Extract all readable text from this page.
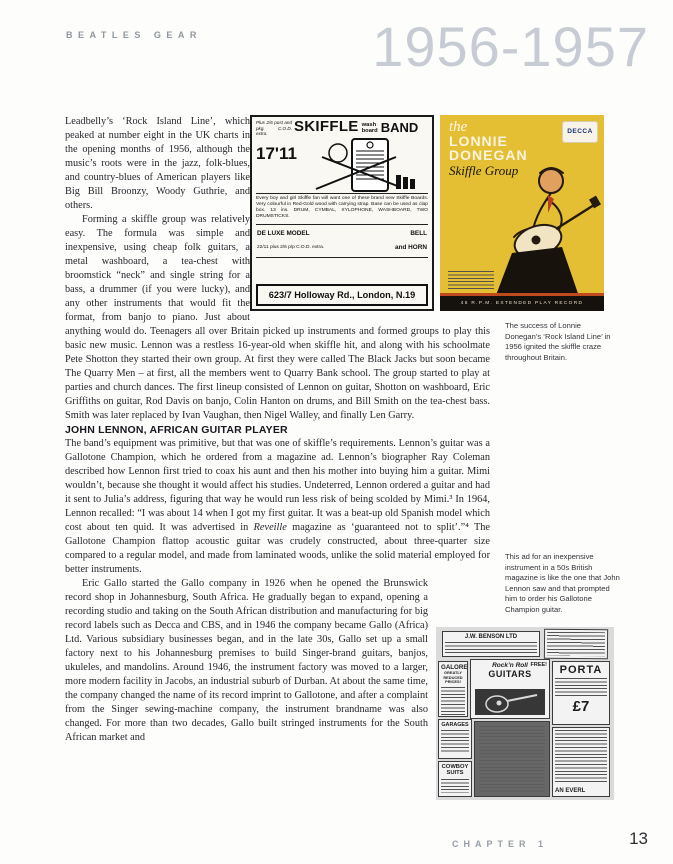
BEATLES GEAR	1956-1957
Plus 2/6 post and pkg. C.O.D. extra.	SKIFFLE wash
board BAND
17'11
Every boy and girl Skiffle fan will want one of these brand new Skiffle Boards. Very colourful in Red-Gold wood with carrying strap. Base can be used as clap box. 13 ins. DRUM, CYMBAL, XYLOPHONE, WASHBOARD, TWO DRUMSTICKS.
DE LUXE MODEL
22/11 plus 2/6 p/p C.O.D. extra.
BELL
and HORN
623/7 Holloway Rd., London, N.19
the
LONNIE
DONEGAN
Skiffle Group
DECCA
45 R.P.M. EXTENDED PLAY RECORD

Leadbelly’s ‘Rock Island Line’, which peaked at number eight in the UK charts in the opening months of 1956, although the music’s roots were in the jazz, folk-blues, and country-blues of American players like Big Bill Broonzy, Woody Guthrie, and others.

Forming a skiffle group was relatively easy. The formula was simple and inexpensive, using cheap folk guitars, a metal washboard, a tea-chest with broomstick “neck” and single string for a bass, a drummer (if you were lucky), and any other instruments that would fit the format, from banjo to piano. Just about anything would do. Teenagers all over Britain picked up instruments and formed groups to play this basic new music. Lennon was a restless 16-year-old when skiffle hit, and along with his schoolmate Pete Shotton they started their own group. At first they were called The Black Jacks but soon became The Quarry Men – at first, all the members went to Quarry Bank school. The group started to play at parties and church dances. The first lineup consisted of Lennon on guitar, Shotton on washboard, Eric Griffiths on guitar, Rod Davis on banjo, Colin Hanton on drums, and Bill Smith on the tea-chest bass. Smith was later replaced by Ivan Vaughan, then Nigel Walley, and finally Len Garry.

JOHN LENNON, AFRICAN GUITAR PLAYER

The band’s equipment was primitive, but that was one of skiffle’s requirements. Lennon’s guitar was a Gallotone Champion, which he ordered from a magazine ad. Lennon’s biographer Ray Coleman described how Lennon first tried to coax his aunt and then his mother into buying him a guitar. Mimi wouldn’t, because she thought it would affect his studies. Undeterred, Lennon ordered a guitar and had it sent to Julia’s address, figuring that way he would run less risk of being scolded by Mimi.³ In 1964, Lennon recalled: “I was about 14 when I got my first guitar. It was a beat-up old Spanish model which cost about ten quid. It was advertised in Reveille magazine as ‘guaranteed not to split’.”⁴ The Gallotone Champion flattop acoustic guitar was crudely constructed, about three-quarter size compared to a regular model, and made from laminated woods, unlike the solid material employed for better instruments.

Eric Gallo started the Gallo company in 1926 when he opened the Brunswick record shop in Johannesburg, South Africa. He gradually began to expand, opening a recording studio and taking on the South African distribution and manufacturing for big record labels such as Decca and CBS, and in 1946 the company became Gallo (Africa) Ltd. Various subsidiary businesses began, and in the late 30s, Gallo set up a small factory next to his Johannesburg premises to build Singer-brand guitars, banjos, ukuleles, and mandolins. Around 1946, the instrument factory was moved to a larger, more modern facility in Jacobs, an industrial suburb of Durban. At about the same time, the company changed the name of its record imprint to Gallotone, and after a complaint from the Singer sewing-machine company, the instrument brandname was also changed. For more than two decades, Gallo built stringed instruments for the South African market and

The success of Lonnie Donegan’s ‘Rock Island Line’ in 1956 ignited the skiffle craze throughout Britain.
This ad for an inexpensive instrument in a 50s British magazine is like the one that John Lennon saw and that prompted him to order his Gallotone Champion guitar.
J.W. BENSON LTD
GALORE
GREATLY REDUCED PRICES!
Rock’n Roll
GUITARS
FREE!	PORTA
£7
GARAGES
COWBOY
SUITS
AN EVERL
CHAPTER 1	13
